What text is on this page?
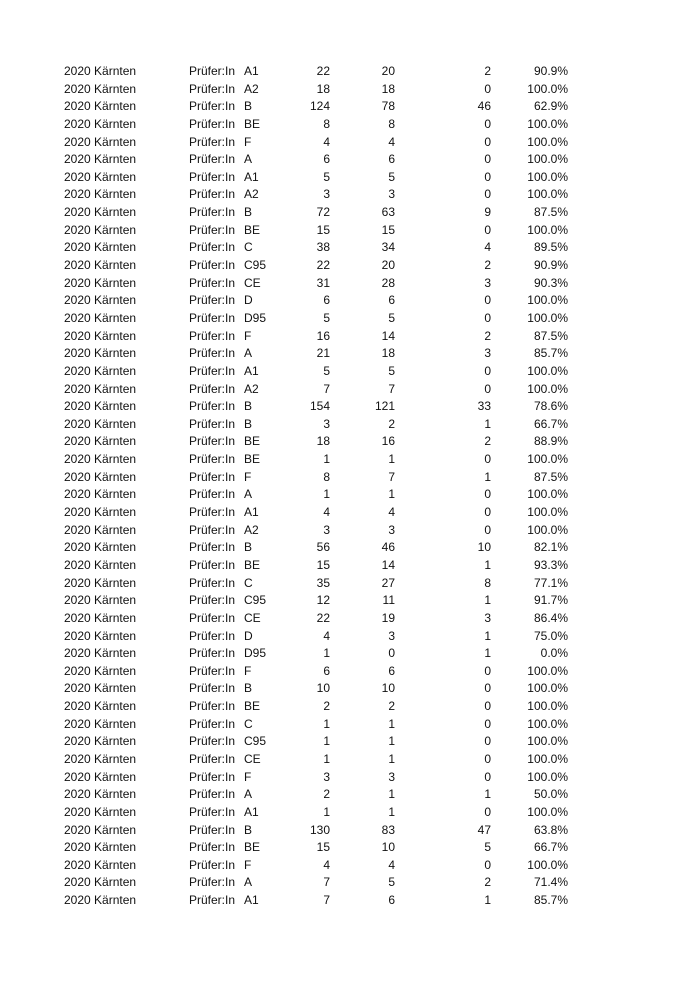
2020 Kärnten	Prüfer:In A1	22	20	2	90.9%
2020 Kärnten	Prüfer:In A2	18	18	0	100.0%
2020 Kärnten	Prüfer:In B	124	78	46	62.9%
2020 Kärnten	Prüfer:In BE	8	8	0	100.0%
2020 Kärnten	Prüfer:In F	4	4	0	100.0%
2020 Kärnten	Prüfer:In A	6	6	0	100.0%
2020 Kärnten	Prüfer:In A1	5	5	0	100.0%
2020 Kärnten	Prüfer:In A2	3	3	0	100.0%
2020 Kärnten	Prüfer:In B	72	63	9	87.5%
2020 Kärnten	Prüfer:In BE	15	15	0	100.0%
2020 Kärnten	Prüfer:In C	38	34	4	89.5%
2020 Kärnten	Prüfer:In C95	22	20	2	90.9%
2020 Kärnten	Prüfer:In CE	31	28	3	90.3%
2020 Kärnten	Prüfer:In D	6	6	0	100.0%
2020 Kärnten	Prüfer:In D95	5	5	0	100.0%
2020 Kärnten	Prüfer:In F	16	14	2	87.5%
2020 Kärnten	Prüfer:In A	21	18	3	85.7%
2020 Kärnten	Prüfer:In A1	5	5	0	100.0%
2020 Kärnten	Prüfer:In A2	7	7	0	100.0%
2020 Kärnten	Prüfer:In B	154	121	33	78.6%
2020 Kärnten	Prüfer:In B	3	2	1	66.7%
2020 Kärnten	Prüfer:In BE	18	16	2	88.9%
2020 Kärnten	Prüfer:In BE	1	1	0	100.0%
2020 Kärnten	Prüfer:In F	8	7	1	87.5%
2020 Kärnten	Prüfer:In A	1	1	0	100.0%
2020 Kärnten	Prüfer:In A1	4	4	0	100.0%
2020 Kärnten	Prüfer:In A2	3	3	0	100.0%
2020 Kärnten	Prüfer:In B	56	46	10	82.1%
2020 Kärnten	Prüfer:In BE	15	14	1	93.3%
2020 Kärnten	Prüfer:In C	35	27	8	77.1%
2020 Kärnten	Prüfer:In C95	12	11	1	91.7%
2020 Kärnten	Prüfer:In CE	22	19	3	86.4%
2020 Kärnten	Prüfer:In D	4	3	1	75.0%
2020 Kärnten	Prüfer:In D95	1	0	1	0.0%
2020 Kärnten	Prüfer:In F	6	6	0	100.0%
2020 Kärnten	Prüfer:In B	10	10	0	100.0%
2020 Kärnten	Prüfer:In BE	2	2	0	100.0%
2020 Kärnten	Prüfer:In C	1	1	0	100.0%
2020 Kärnten	Prüfer:In C95	1	1	0	100.0%
2020 Kärnten	Prüfer:In CE	1	1	0	100.0%
2020 Kärnten	Prüfer:In F	3	3	0	100.0%
2020 Kärnten	Prüfer:In A	2	1	1	50.0%
2020 Kärnten	Prüfer:In A1	1	1	0	100.0%
2020 Kärnten	Prüfer:In B	130	83	47	63.8%
2020 Kärnten	Prüfer:In BE	15	10	5	66.7%
2020 Kärnten	Prüfer:In F	4	4	0	100.0%
2020 Kärnten	Prüfer:In A	7	5	2	71.4%
2020 Kärnten	Prüfer:In A1	7	6	1	85.7%
